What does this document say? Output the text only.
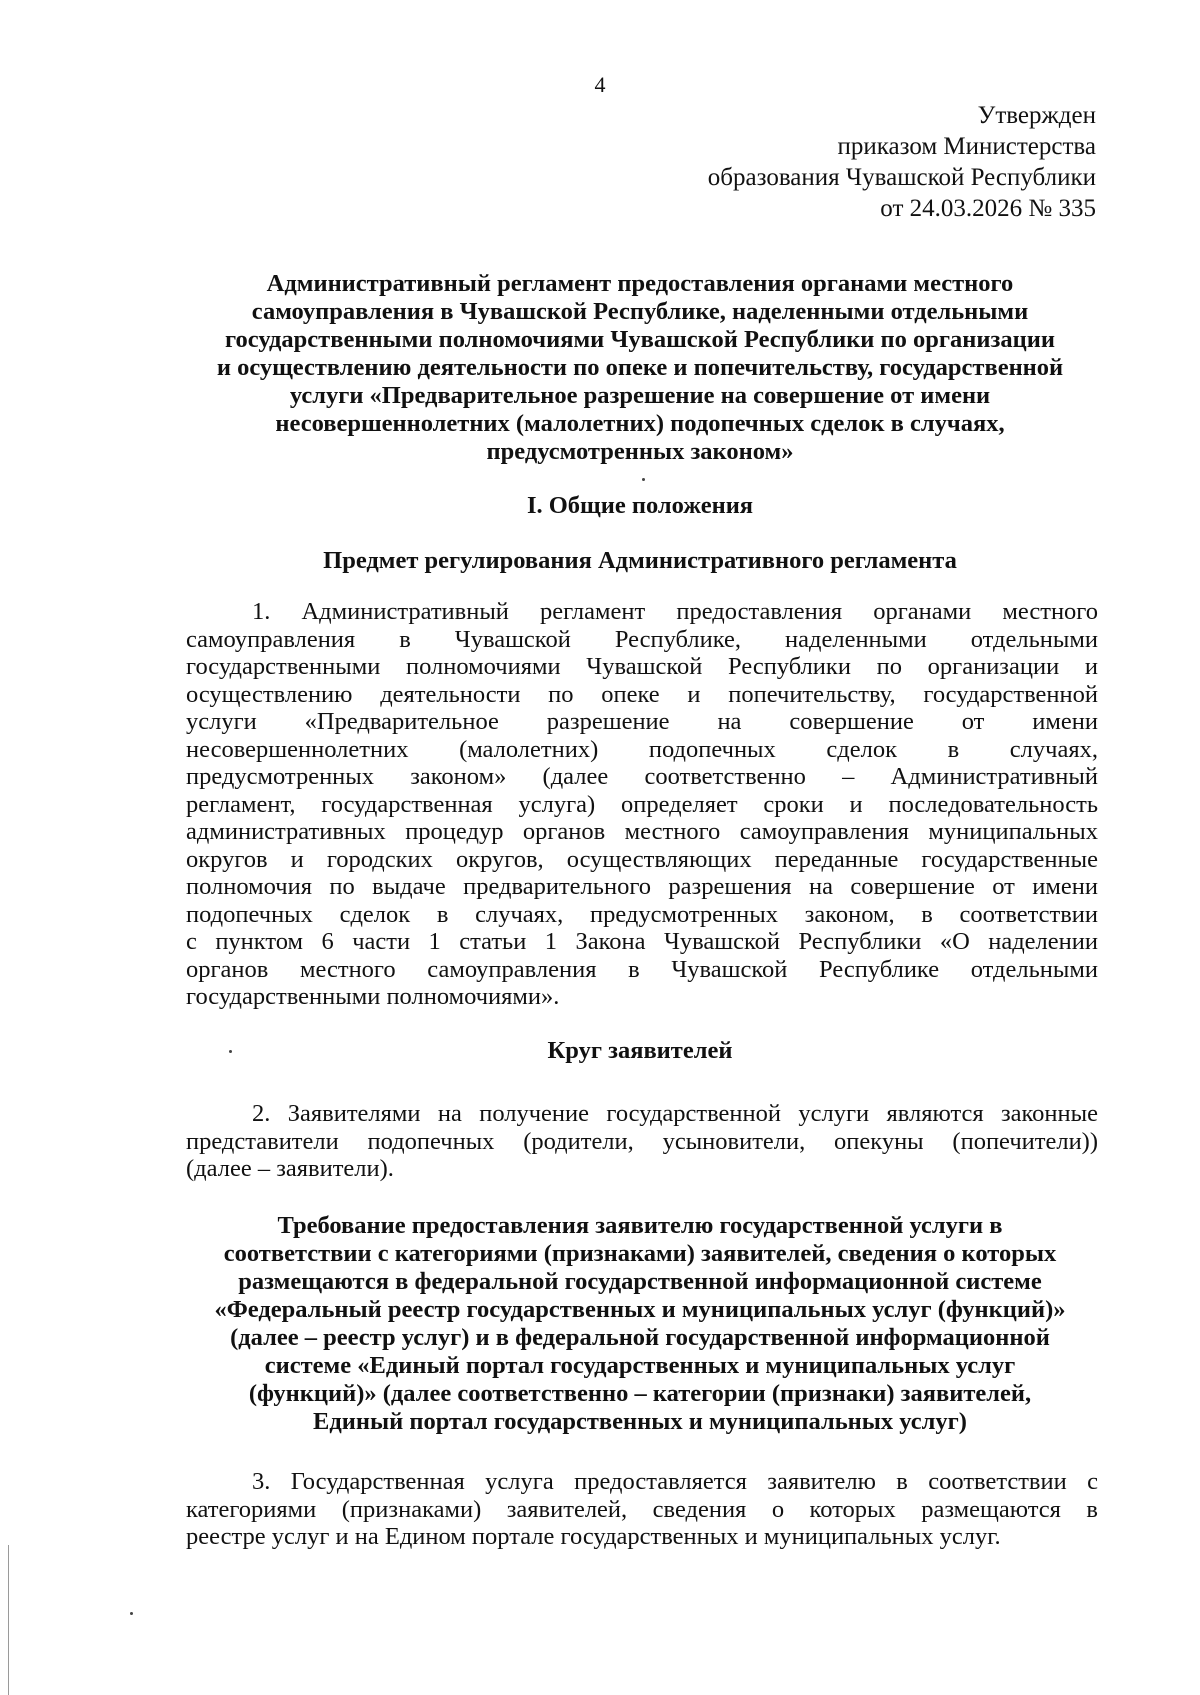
4
Утвержден
приказом Министерства
образования Чувашской Республики
от 24.03.2026 № 335
Административный регламент предоставления органами местного
самоуправления в Чувашской Республике, наделенными отдельными
государственными полномочиями Чувашской Республики по организации
и осуществлению деятельности по опеке и попечительству, государственной
услуги «Предварительное разрешение на совершение от имени
несовершеннолетних (малолетних) подопечных сделок в случаях,
предусмотренных законом»
I. Общие положения
Предмет регулирования Административного регламента
1. Административный регламент предоставления органами местного
самоуправления в Чувашской Республике, наделенными отдельными
государственными полномочиями Чувашской Республики по организации и
осуществлению деятельности по опеке и попечительству, государственной
услуги «Предварительное разрешение на совершение от имени
несовершеннолетних (малолетних) подопечных сделок в случаях,
предусмотренных законом» (далее соответственно – Административный
регламент, государственная услуга) определяет сроки и последовательность
административных процедур органов местного самоуправления муниципальных
округов и городских округов, осуществляющих переданные государственные
полномочия по выдаче предварительного разрешения на совершение от имени
подопечных сделок в случаях, предусмотренных законом, в соответствии
с пунктом 6 части 1 статьи 1 Закона Чувашской Республики «О наделении
органов местного самоуправления в Чувашской Республике отдельными
государственными полномочиями».
Круг заявителей
2. Заявителями на получение государственной услуги являются законные
представители подопечных (родители, усыновители, опекуны (попечители))
(далее – заявители).
Требование предоставления заявителю государственной услуги в
соответствии с категориями (признаками) заявителей, сведения о которых
размещаются в федеральной государственной информационной системе
«Федеральный реестр государственных и муниципальных услуг (функций)»
(далее – реестр услуг) и в федеральной государственной информационной
системе «Единый портал государственных и муниципальных услуг
(функций)» (далее соответственно – категории (признаки) заявителей,
Единый портал государственных и муниципальных услуг)
3. Государственная услуга предоставляется заявителю в соответствии с
категориями (признаками) заявителей, сведения о которых размещаются в
реестре услуг и на Едином портале государственных и муниципальных услуг.
